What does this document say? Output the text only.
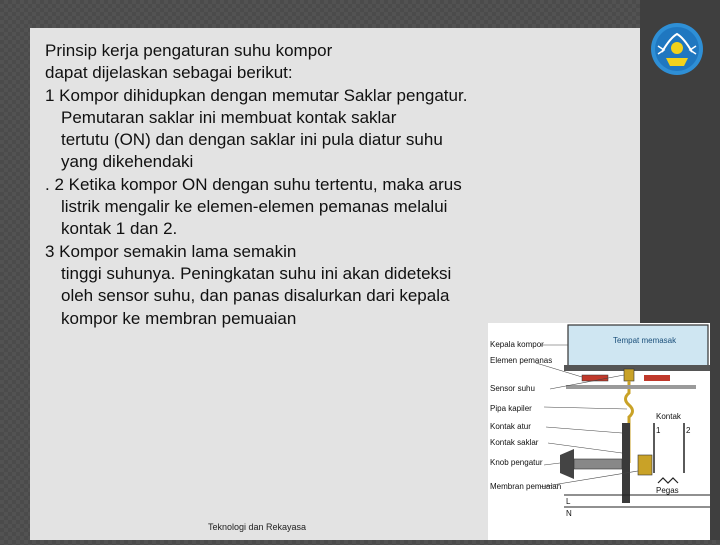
Prinsip kerja pengaturan suhu kompor
dapat dijelaskan sebagai berikut:
1 Kompor dihidupkan dengan memutar Saklar pengatur.
Pemutaran saklar ini membuat kontak saklar
tertutu (ON) dan dengan saklar ini pula diatur suhu
yang dikehendaki
. 2 Ketika kompor ON dengan suhu tertentu, maka arus
listrik mengalir ke elemen-elemen pemanas melalui
kontak 1 dan 2.
3 Kompor semakin lama semakin
tinggi suhunya. Peningkatan suhu ini akan dideteksi
oleh sensor suhu, dan panas disalurkan dari kepala
kompor ke membran pemuaian

Tempat memasak
Kepala kompor
Elemen pemanas
Sensor suhu
Pipa kapiler
Kontak atur
Kontak saklar
Knob pengatur
Membran pemuaian
Kontak
1	2
Pegas
L
N
Teknologi dan Rekayasa
